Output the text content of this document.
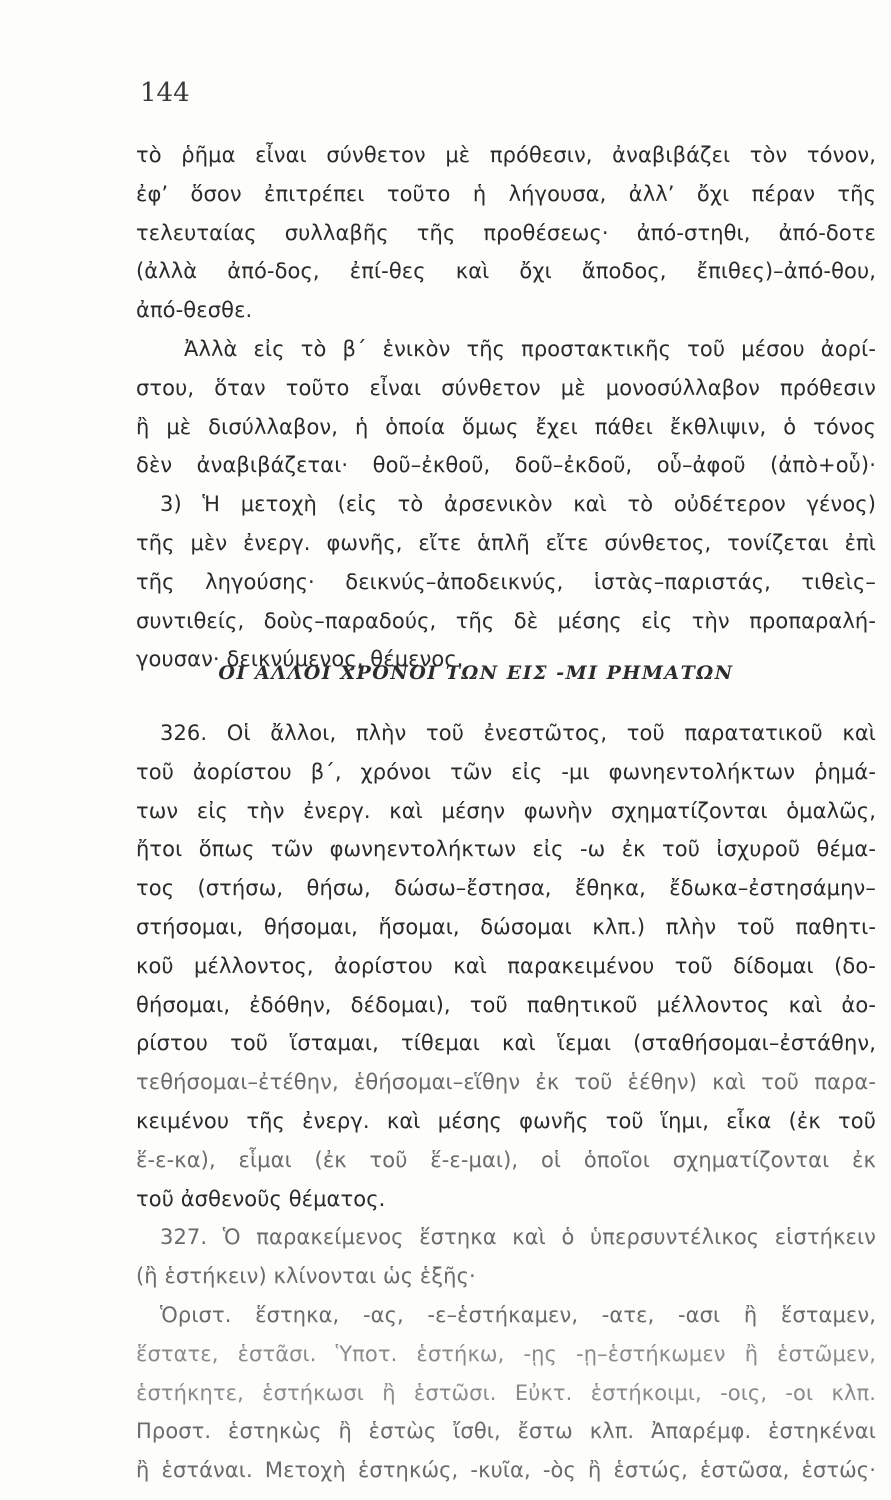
144
τὸ ῥῆμα εἶναι σύνθετον μὲ πρόθεσιν, ἀναβιβάζει τὸν τόνον,
ἐφ’ ὅσον ἐπιτρέπει τοῦτο ἡ λήγουσα, ἀλλ’ ὄχι πέραν τῆς
τελευταίας συλλαβῆς τῆς προθέσεως· ἀπό-στηθι, ἀπό-δοτε
(ἀλλὰ ἀπό-δος, ἐπί-θες καὶ ὄχι ἄποδος, ἔπιθες)–ἀπό-θου,
ἀπό-θεσθε.
Ἀλλὰ εἰς τὸ β΄ ἑνικὸν τῆς προστακτικῆς τοῦ μέσου ἀορί-
στου, ὅταν τοῦτο εἶναι σύνθετον μὲ μονοσύλλαβον πρόθεσιν
ἢ μὲ δισύλλαβον, ἡ ὁποία ὅμως ἔχει πάθει ἔκθλιψιν, ὁ τόνος
δὲν ἀναβιβάζεται· θοῦ–ἐκθοῦ, δοῦ–ἐκδοῦ, οὗ–ἀφοῦ (ἀπὸ+οὗ)·
3) Ἡ μετοχὴ (εἰς τὸ ἀρσενικὸν καὶ τὸ οὐδέτερον γένος)
τῆς μὲν ἐνεργ. φωνῆς, εἴτε ἁπλῆ εἴτε σύνθετος, τονίζεται ἐπὶ
τῆς ληγούσης· δεικνύς–ἀποδεικνύς, ἱστὰς–παριστάς, τιθεὶς–
συντιθείς, δοὺς–παραδούς, τῆς δὲ μέσης εἰς τὴν προπαραλή-
γουσαν· δεικνύμενος, θέμενος.
ΟΙ ΑΛΛΟΙ ΧΡΟΝΟΙ ΤΩΝ ΕΙΣ -ΜΙ ΡΗΜΑΤΩΝ
326. Οἱ ἄλλοι, πλὴν τοῦ ἐνεστῶτος, τοῦ παρατατικοῦ καὶ
τοῦ ἀορίστου β΄, χρόνοι τῶν εἰς -μι φωνηεντολήκτων ῥημά-
των εἰς τὴν ἐνεργ. καὶ μέσην φωνὴν σχηματίζονται ὁμαλῶς,
ἤτοι ὅπως τῶν φωνηεντολήκτων εἰς -ω ἐκ τοῦ ἰσχυροῦ θέμα-
τος (στήσω, θήσω, δώσω–ἔστησα, ἔθηκα, ἔδωκα–ἐστησάμην–
στήσομαι, θήσομαι, ἥσομαι, δώσομαι κλπ.) πλὴν τοῦ παθητι-
κοῦ μέλλοντος, ἀορίστου καὶ παρακειμένου τοῦ δίδομαι (δο-
θήσομαι, ἐδόθην, δέδομαι), τοῦ παθητικοῦ μέλλοντος καὶ ἀο-
ρίστου τοῦ ἵσταμαι, τίθεμαι καὶ ἵεμαι (σταθήσομαι–ἐστάθην,
τεθήσομαι–ἐτέθην, ἑθήσομαι–εἵθην ἐκ τοῦ ἑέθην) καὶ τοῦ παρα-
κειμένου τῆς ἐνεργ. καὶ μέσης φωνῆς τοῦ ἵημι, εἷκα (ἐκ τοῦ
ἕ-ε-κα), εἷμαι (ἐκ τοῦ ἕ-ε-μαι), οἱ ὁποῖοι σχηματίζονται ἐκ
τοῦ ἀσθενοῦς θέματος.
327. Ὁ παρακείμενος ἕστηκα καὶ ὁ ὑπερσυντέλικος εἱστήκειν
(ἢ ἑστήκειν) κλίνονται ὡς ἑξῆς·
Ὁριστ. ἕστηκα, -ας, -ε–ἑστήκαμεν, -ατε, -ασι ἢ ἕσταμεν,
ἕστατε, ἑστᾶσι. Ὑποτ. ἑστήκω, -ῃς -ῃ–ἑστήκωμεν ἢ ἑστῶμεν,
ἑστήκητε, ἑστήκωσι ἢ ἑστῶσι. Εὐκτ. ἑστήκοιμι, -οις, -οι κλπ.
Προστ. ἑστηκὼς ἢ ἑστὼς ἴσθι, ἔστω κλπ. Ἀπαρέμφ. ἑστηκέναι
ἢ ἑστάναι. Μετοχὴ ἑστηκώς, -κυῖα, -ὸς ἢ ἑστώς, ἑστῶσα, ἑστώς·
